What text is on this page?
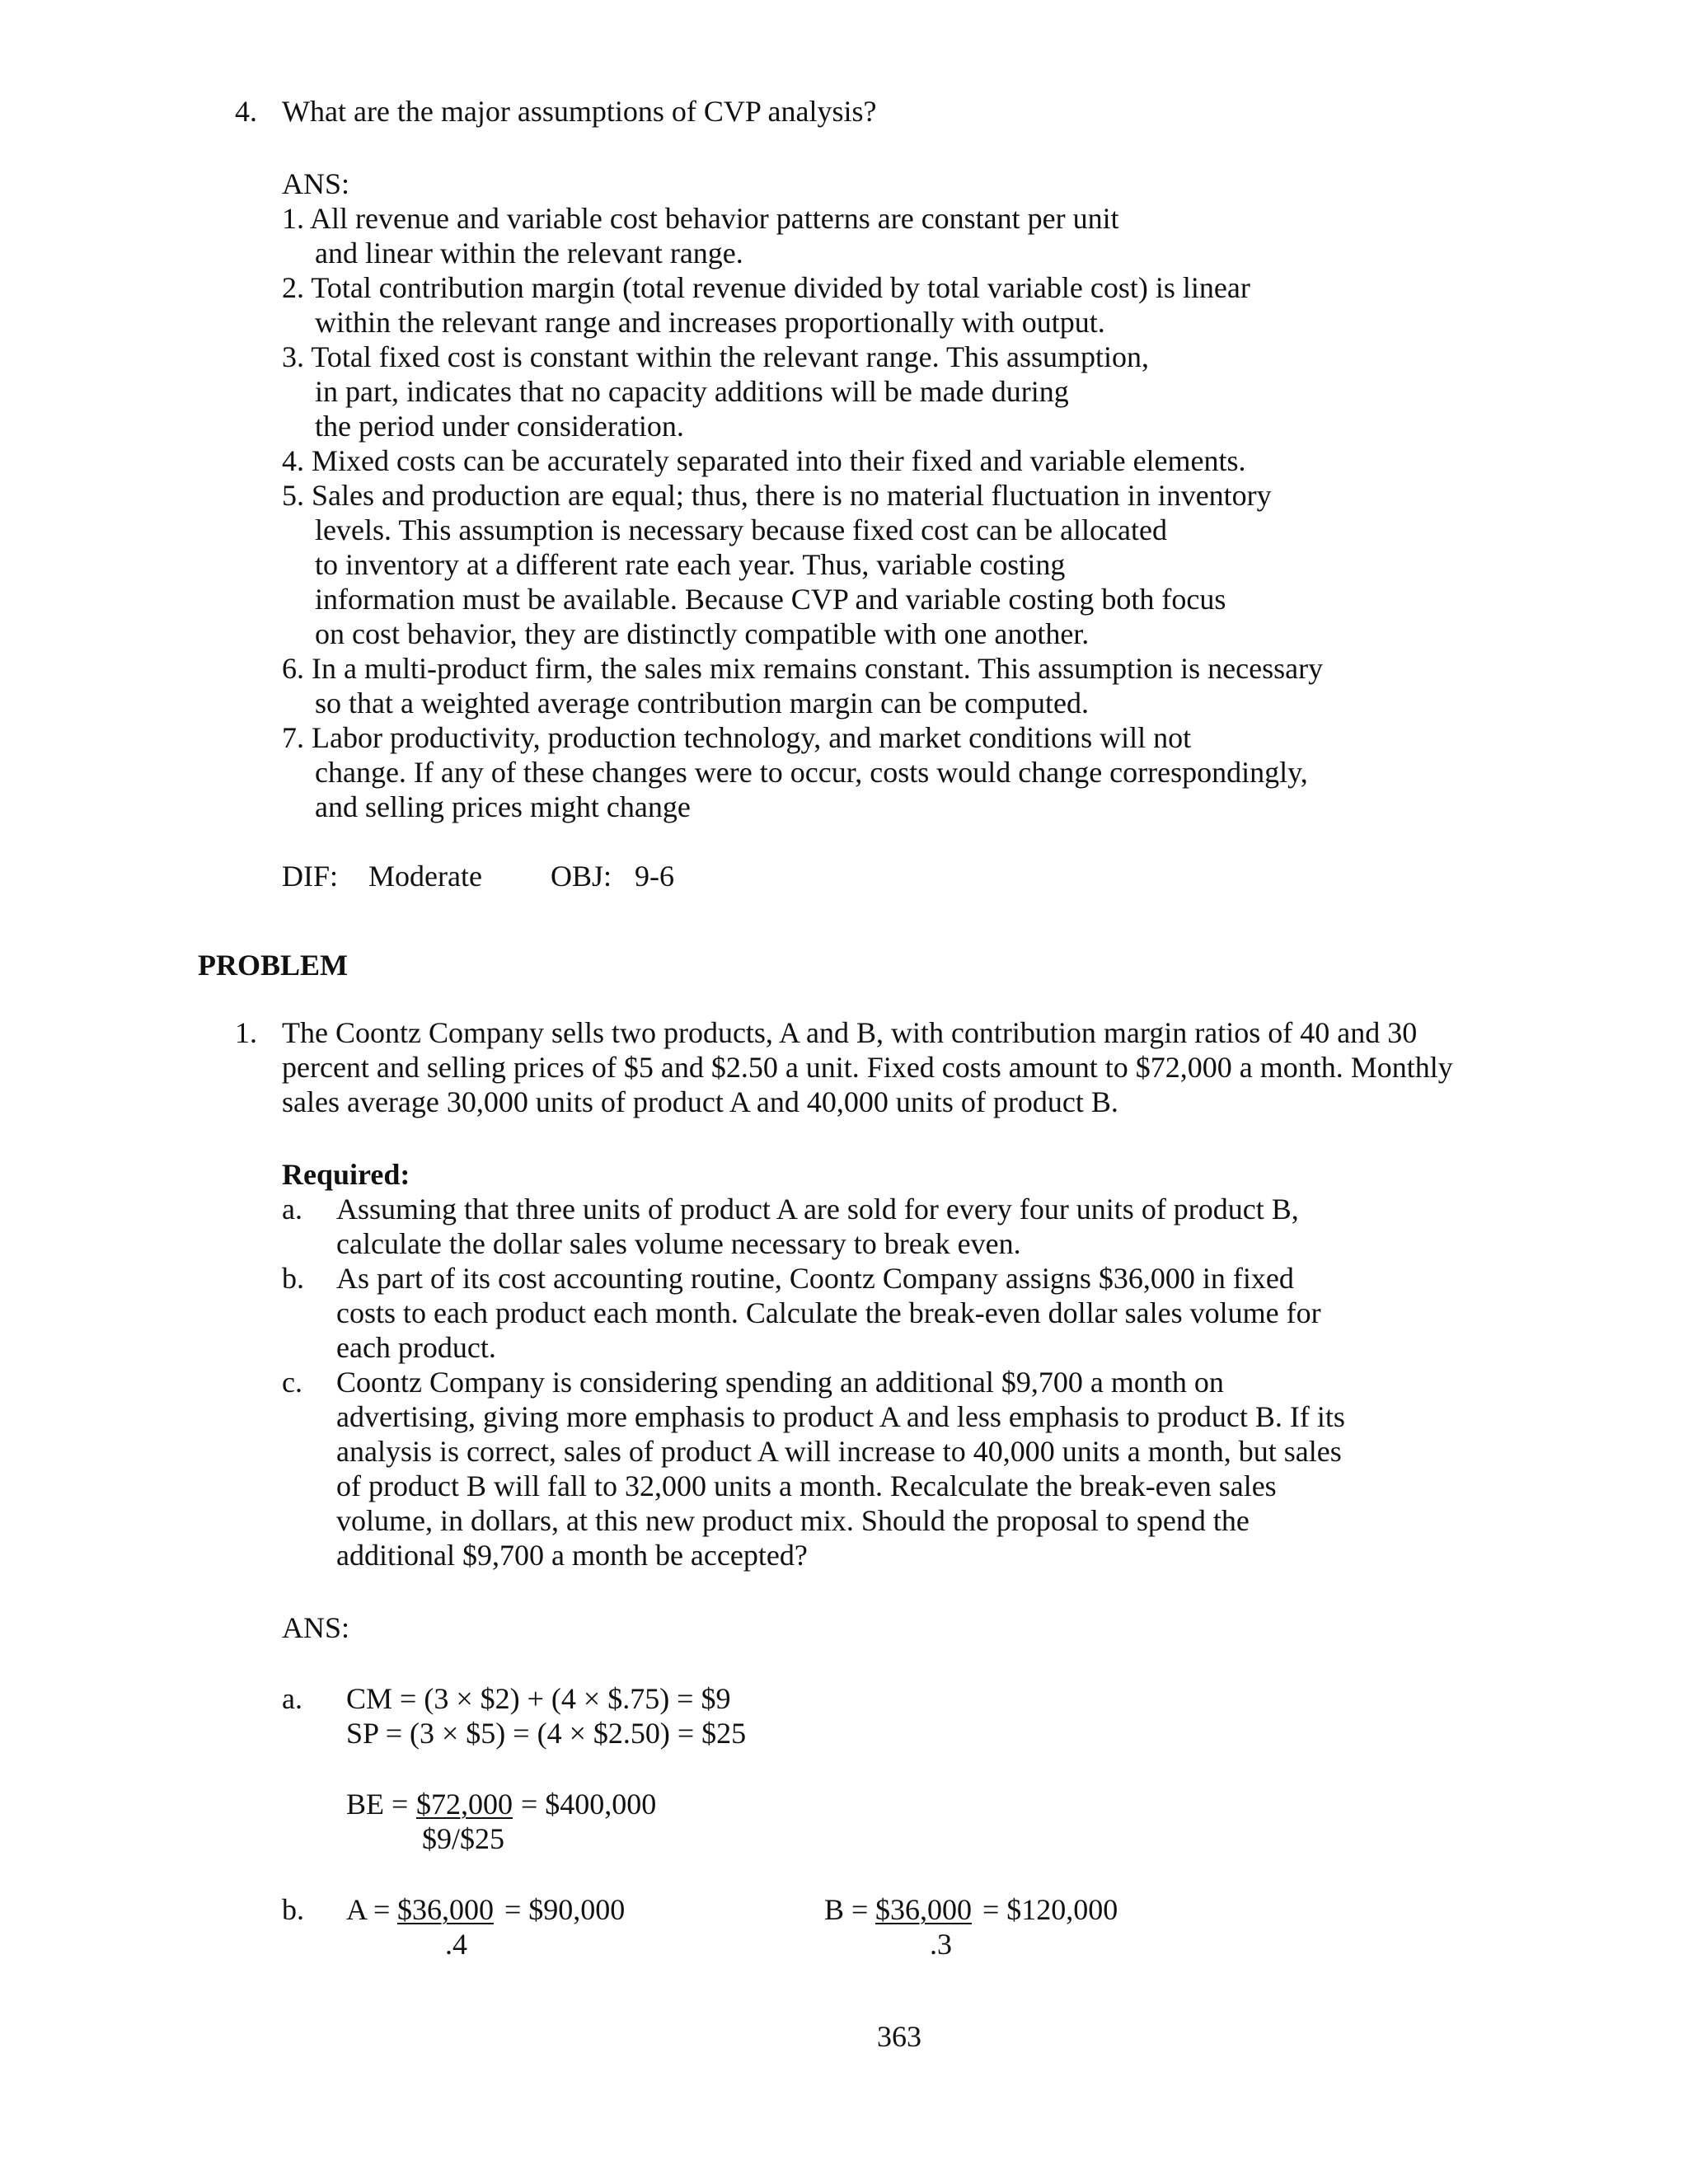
4. What are the major assumptions of CVP analysis?
ANS:
1. All revenue and variable cost behavior patterns are constant per unit
and linear within the relevant range.
2. Total contribution margin (total revenue divided by total variable cost) is linear
within the relevant range and increases proportionally with output.
3. Total fixed cost is constant within the relevant range. This assumption,
in part, indicates that no capacity additions will be made during
the period under consideration.
4. Mixed costs can be accurately separated into their fixed and variable elements.
5. Sales and production are equal; thus, there is no material fluctuation in inventory
levels. This assumption is necessary because fixed cost can be allocated
to inventory at a different rate each year. Thus, variable costing
information must be available. Because CVP and variable costing both focus
on cost behavior, they are distinctly compatible with one another.
6. In a multi-product firm, the sales mix remains constant. This assumption is necessary
so that a weighted average contribution margin can be computed.
7. Labor productivity, production technology, and market conditions will not
change. If any of these changes were to occur, costs would change correspondingly,
and selling prices might change
DIF: Moderate OBJ: 9-6
PROBLEM
1. The Coontz Company sells two products, A and B, with contribution margin ratios of 40 and 30
percent and selling prices of $5 and $2.50 a unit. Fixed costs amount to $72,000 a month. Monthly
sales average 30,000 units of product A and 40,000 units of product B.
Required:
a. Assuming that three units of product A are sold for every four units of product B,
calculate the dollar sales volume necessary to break even.
b. As part of its cost accounting routine, Coontz Company assigns $36,000 in fixed
costs to each product each month. Calculate the break-even dollar sales volume for
each product.
c. Coontz Company is considering spending an additional $9,700 a month on
advertising, giving more emphasis to product A and less emphasis to product B. If its
analysis is correct, sales of product A will increase to 40,000 units a month, but sales
of product B will fall to 32,000 units a month. Recalculate the break-even sales
volume, in dollars, at this new product mix. Should the proposal to spend the
additional $9,700 a month be accepted?
ANS:
a. CM = (3 × $2) + (4 × $.75) = $9
SP = (3 × $5) = (4 × $2.50) = $25
BE = $72,000 = $400,000
$9/$25
b. A = $36,000 = $90,000
.4
B = $36,000 = $120,000
.3
363
